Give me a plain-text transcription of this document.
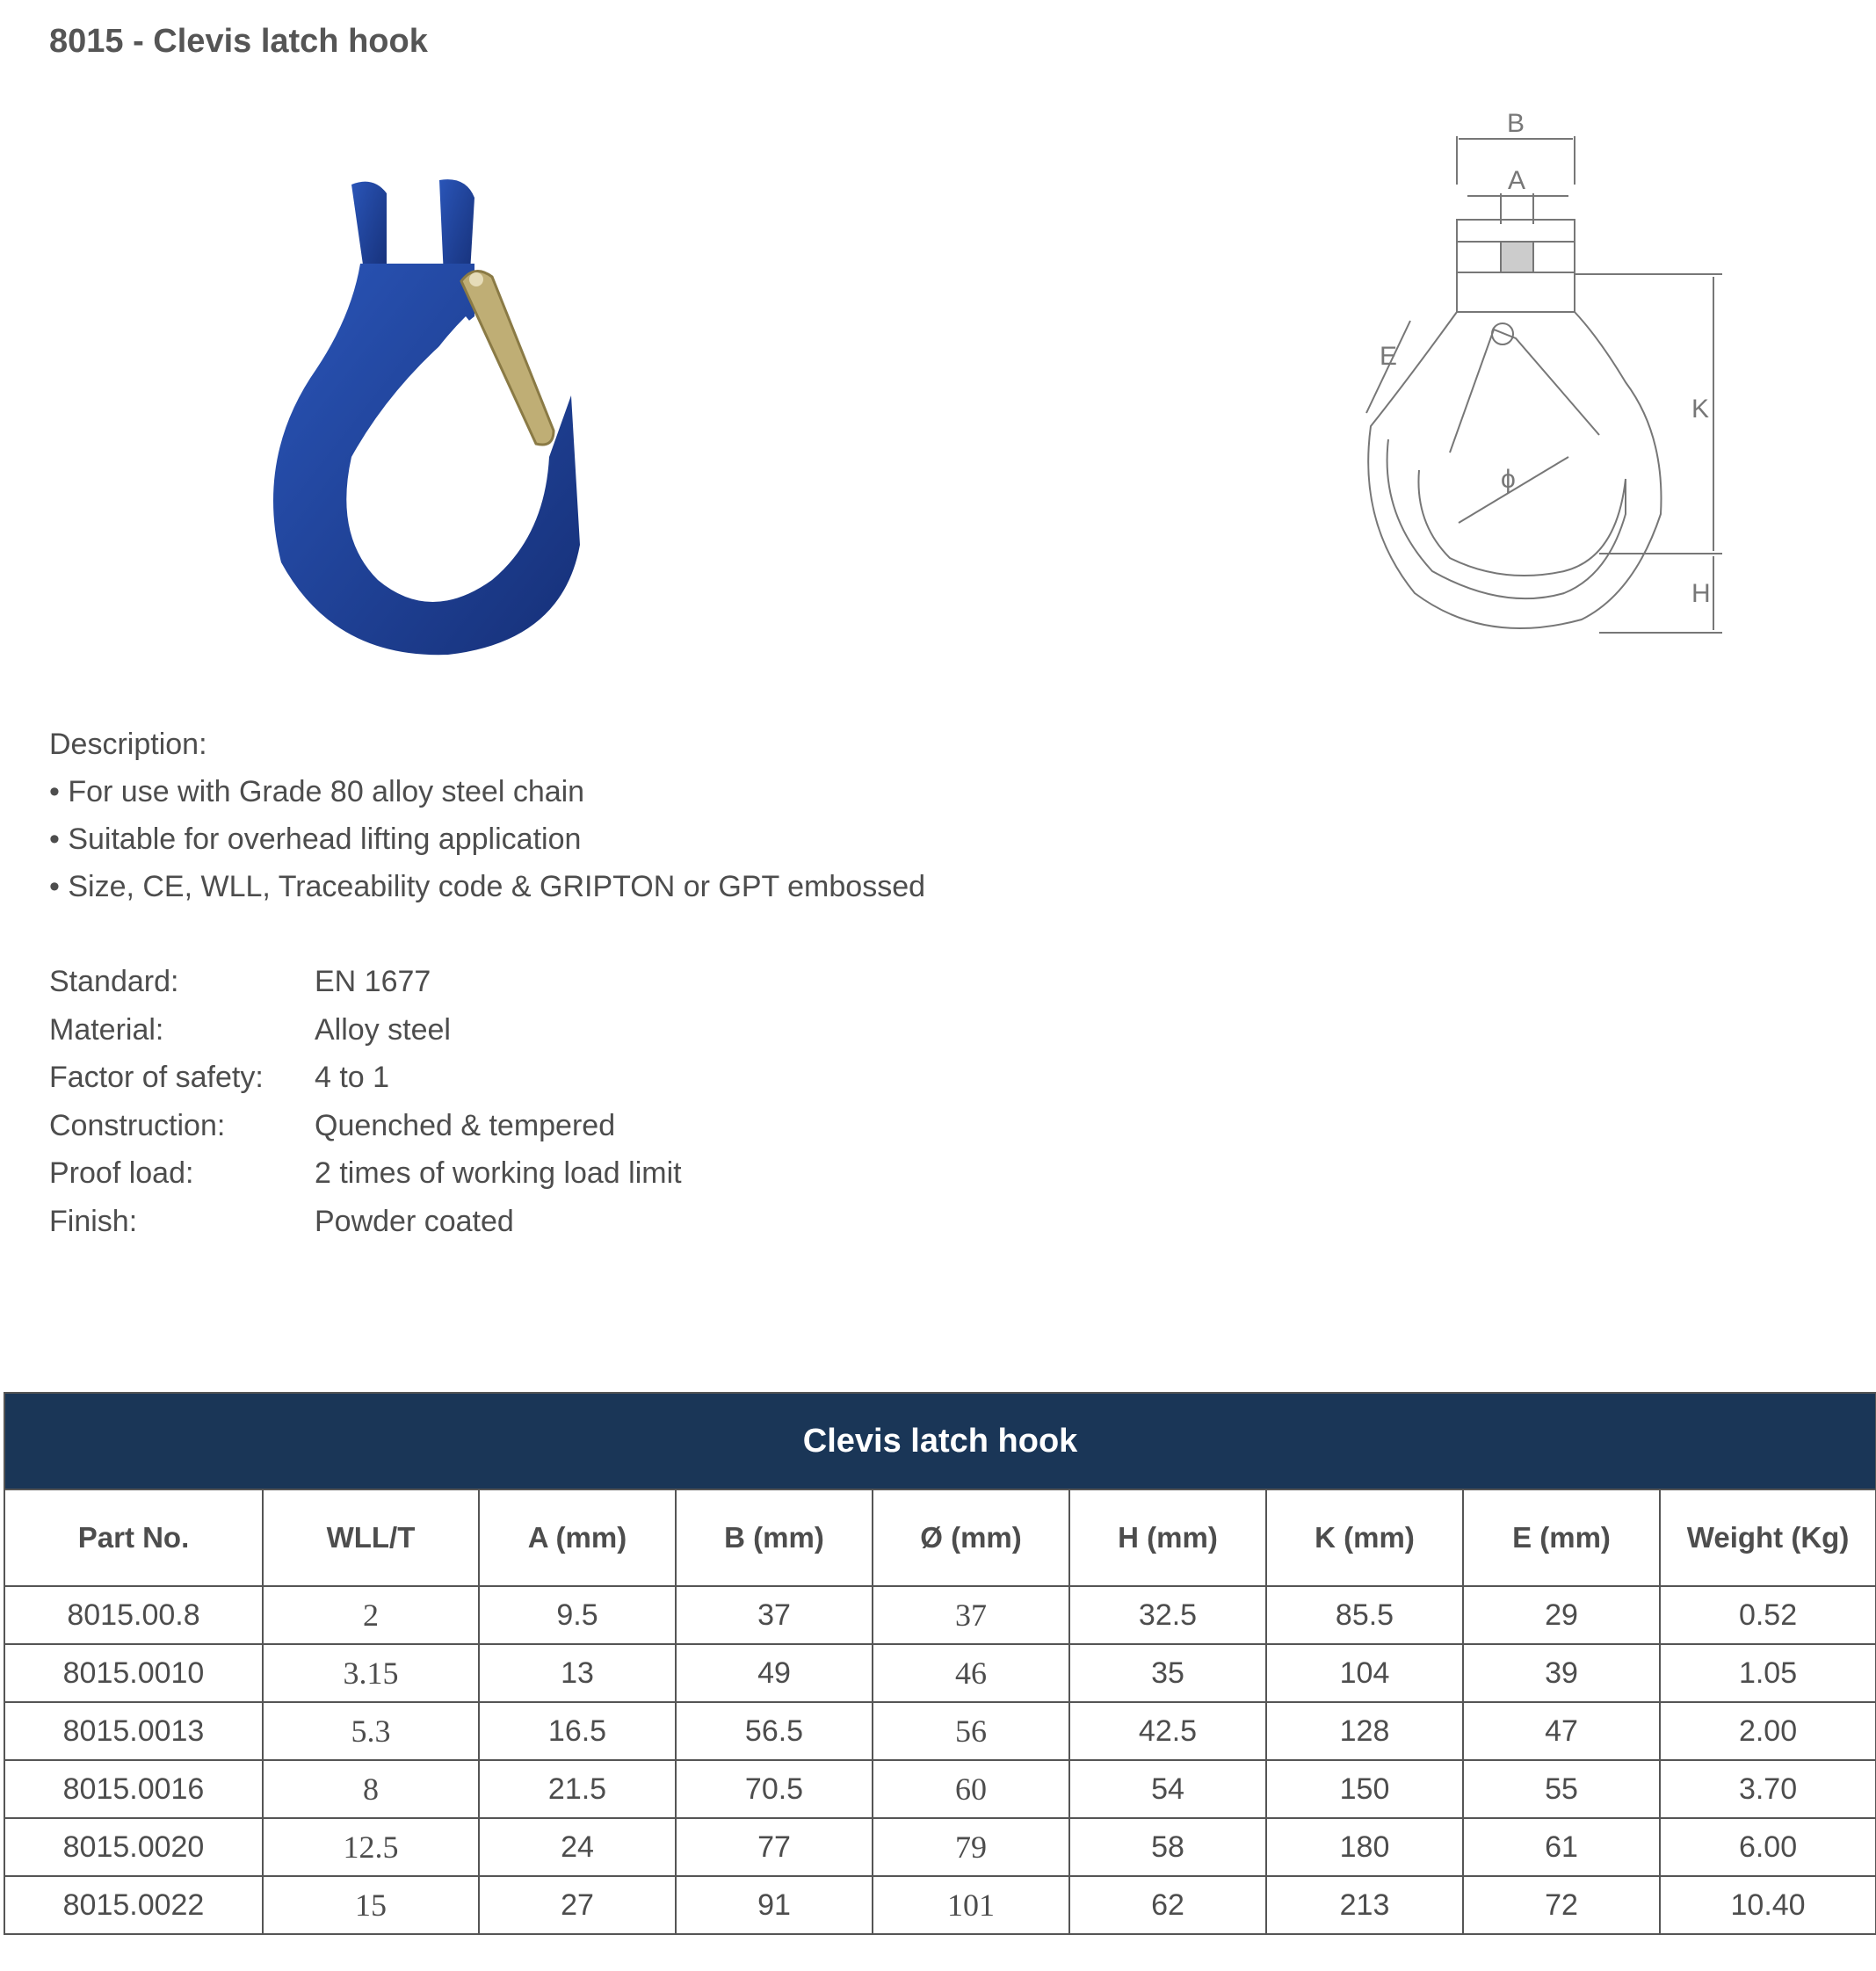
8015 - Clevis latch hook
B
A
E
K
ϕ
H
Description:
• For use with Grade 80 alloy steel chain
• Suitable for overhead lifting application
• Size, CE, WLL, Traceability code & GRIPTON or GPT embossed
Standard:	EN 1677
Material:	Alloy steel
Factor of safety:	4 to 1
Construction:	Quenched & tempered
Proof load:	2 times of working load limit
Finish:	Powder coated
Clevis latch hook								
Part No.	WLL/T	A (mm)	B (mm)	Ø (mm)	H (mm)	K (mm)	E (mm)	Weight (Kg)
8015.00.8	2	9.5	37	37	32.5	85.5	29	0.52
8015.0010	3.15	13	49	46	35	104	39	1.05
8015.0013	5.3	16.5	56.5	56	42.5	128	47	2.00
8015.0016	8	21.5	70.5	60	54	150	55	3.70
8015.0020	12.5	24	77	79	58	180	61	6.00
8015.0022	15	27	91	101	62	213	72	10.40
